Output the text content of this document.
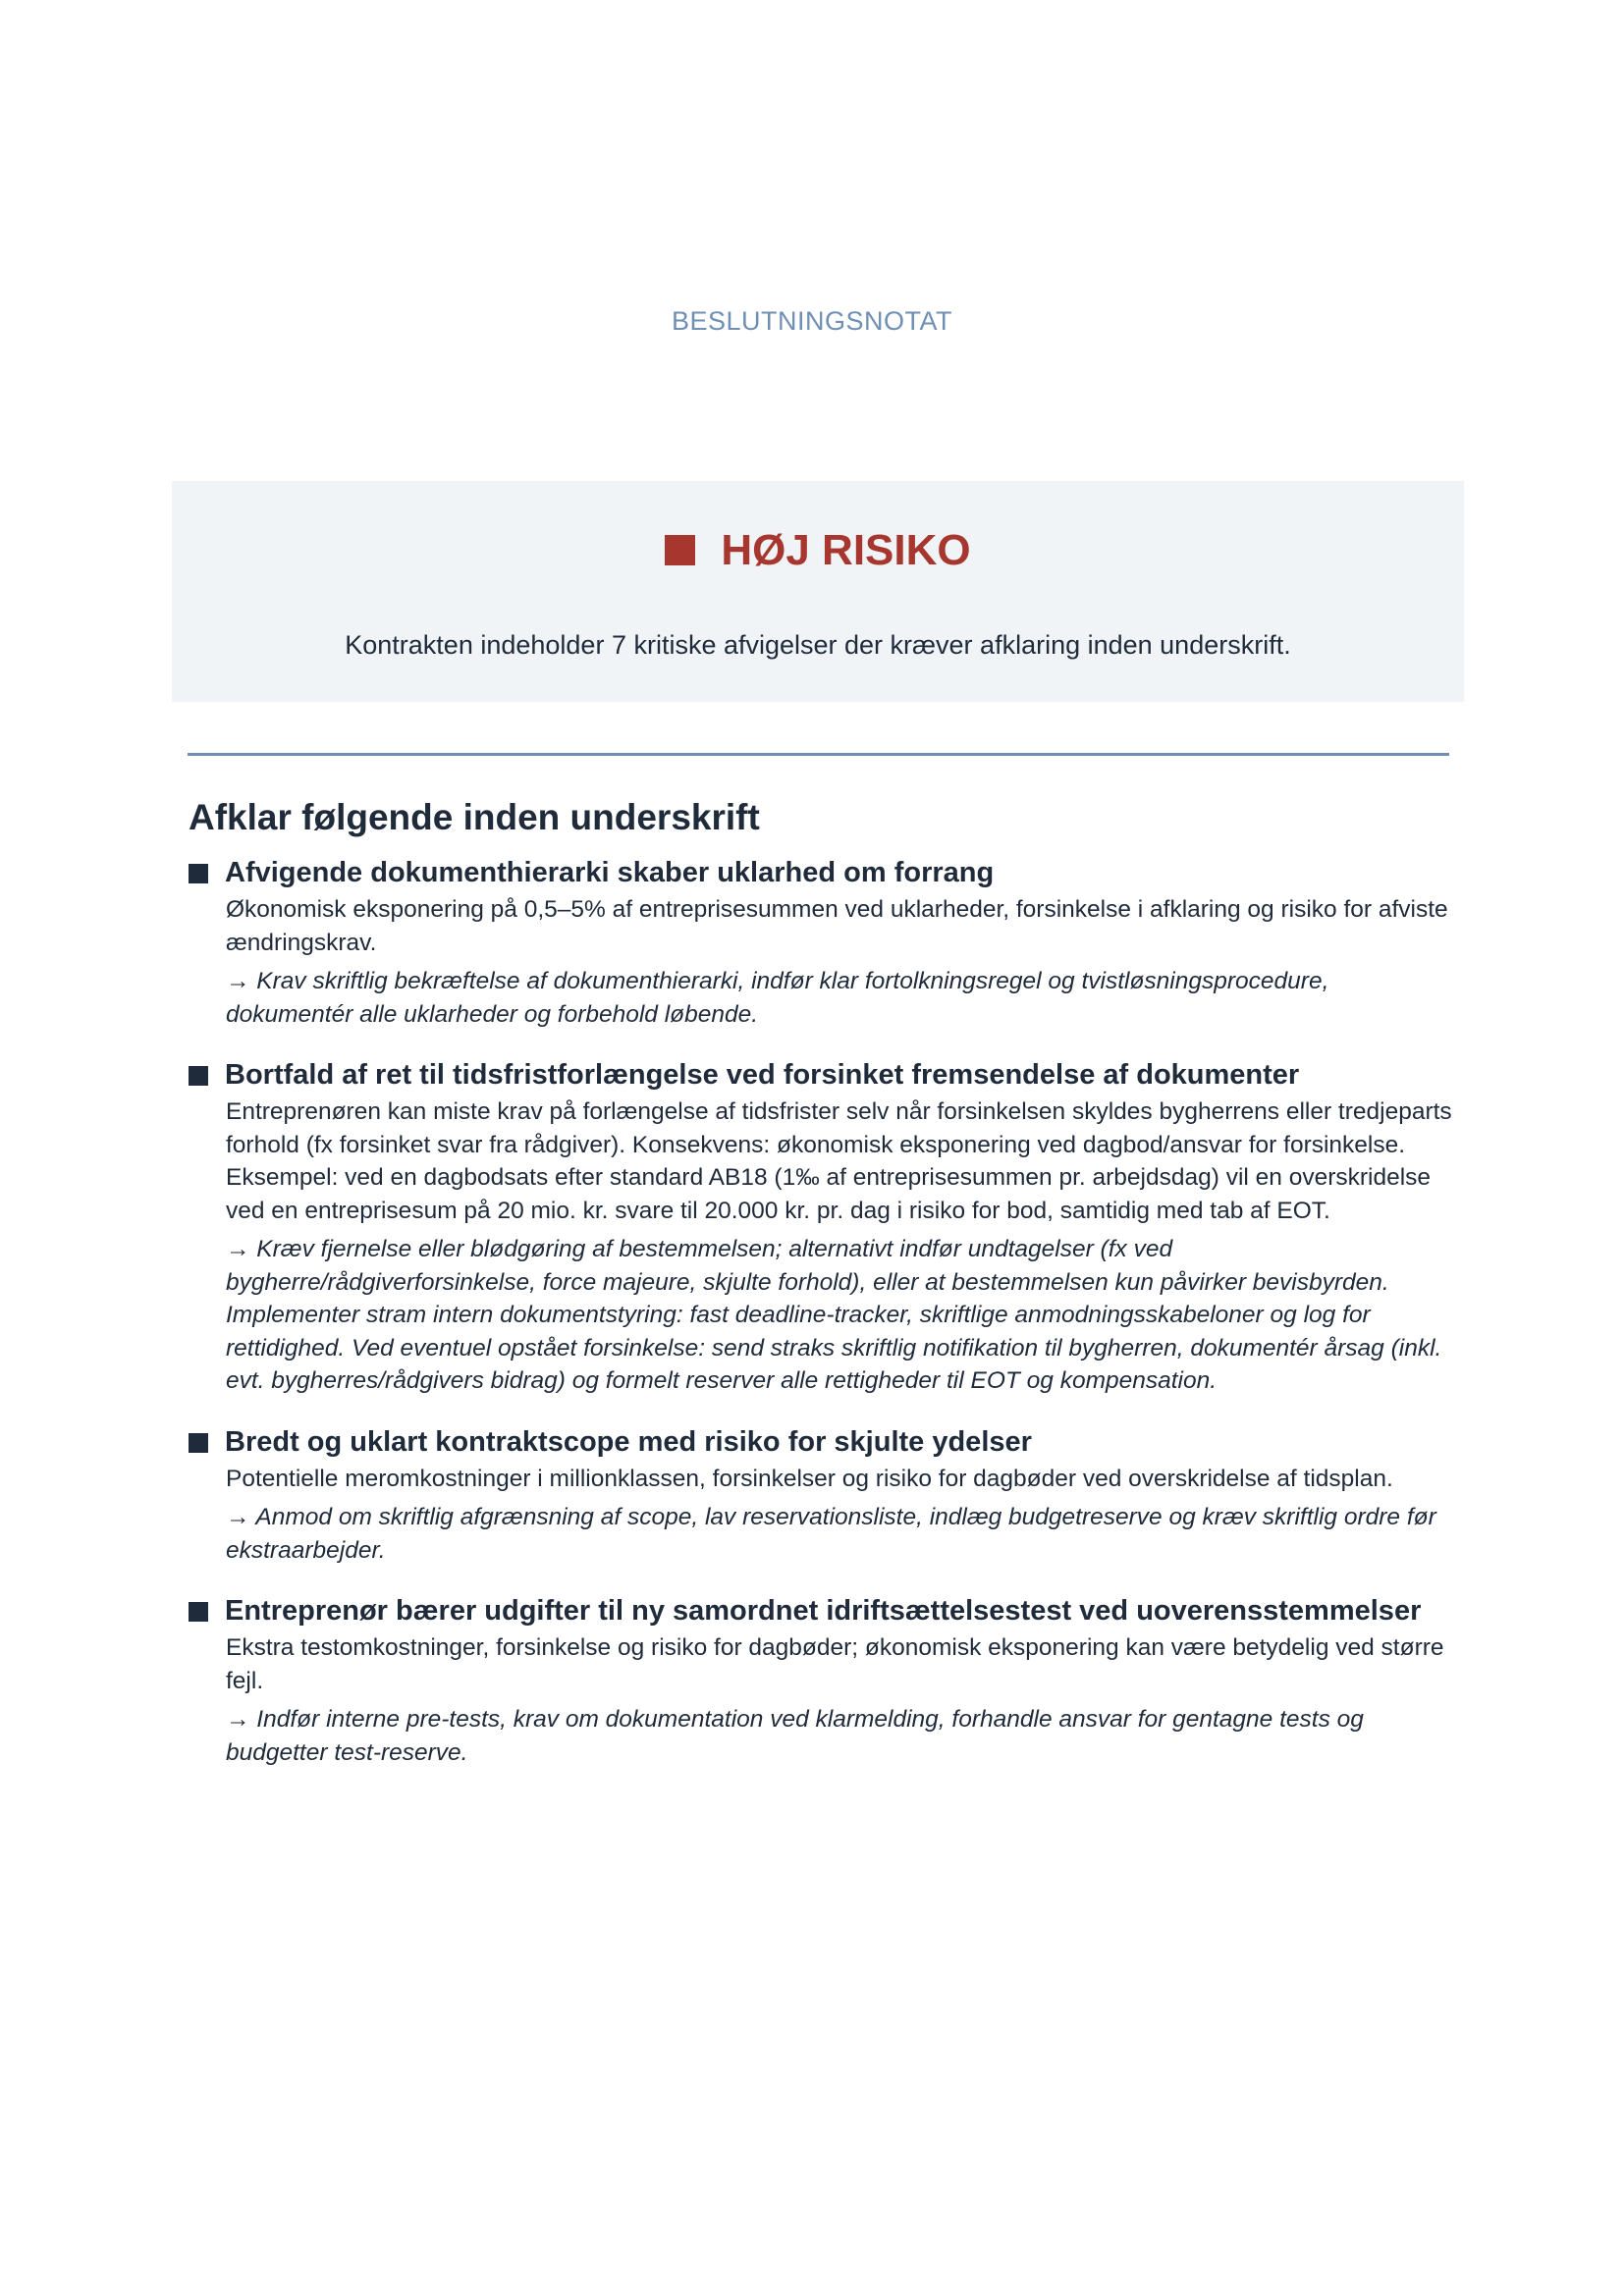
BESLUTNINGSNOTAT
HØJ RISIKO
Kontrakten indeholder 7 kritiske afvigelser der kræver afklaring inden underskrift.
Afklar følgende inden underskrift
Afvigende dokumenthierarki skaber uklarhed om forrang
Økonomisk eksponering på 0,5–5% af entreprisesummen ved uklarheder, forsinkelse i afklaring og risiko for afviste ændringskrav.
→ Krav skriftlig bekræftelse af dokumenthierarki, indfør klar fortolkningsregel og tvistløsningsprocedure, dokumentér alle uklarheder og forbehold løbende.
Bortfald af ret til tidsfristforlængelse ved forsinket fremsendelse af dokumenter
Entreprenøren kan miste krav på forlængelse af tidsfrister selv når forsinkelsen skyldes bygherrens eller tredjeparts forhold (fx forsinket svar fra rådgiver). Konsekvens: økonomisk eksponering ved dagbod/ansvar for forsinkelse. Eksempel: ved en dagbodsats efter standard AB18 (1‰ af entreprisesummen pr. arbejdsdag) vil en overskridelse ved en entreprisesum på 20 mio. kr. svare til 20.000 kr. pr. dag i risiko for bod, samtidig med tab af EOT.
→ Kræv fjernelse eller blødgøring af bestemmelsen; alternativt indfør undtagelser (fx ved bygherre/rådgiverforsinkelse, force majeure, skjulte forhold), eller at bestemmelsen kun påvirker bevisbyrden. Implementer stram intern dokumentstyring: fast deadline-tracker, skriftlige anmodningsskabeloner og log for rettidighed. Ved eventuel opstået forsinkelse: send straks skriftlig notifikation til bygherren, dokumentér årsag (inkl. evt. bygherres/rådgivers bidrag) og formelt reserver alle rettigheder til EOT og kompensation.
Bredt og uklart kontraktscope med risiko for skjulte ydelser
Potentielle meromkostninger i millionklassen, forsinkelser og risiko for dagbøder ved overskridelse af tidsplan.
→ Anmod om skriftlig afgrænsning af scope, lav reservationsliste, indlæg budgetreserve og kræv skriftlig ordre før ekstraarbejder.
Entreprenør bærer udgifter til ny samordnet idriftsættelsestest ved uoverensstemmelser
Ekstra testomkostninger, forsinkelse og risiko for dagbøder; økonomisk eksponering kan være betydelig ved større fejl.
→ Indfør interne pre-tests, krav om dokumentation ved klarmelding, forhandle ansvar for gentagne tests og budgetter test-reserve.
